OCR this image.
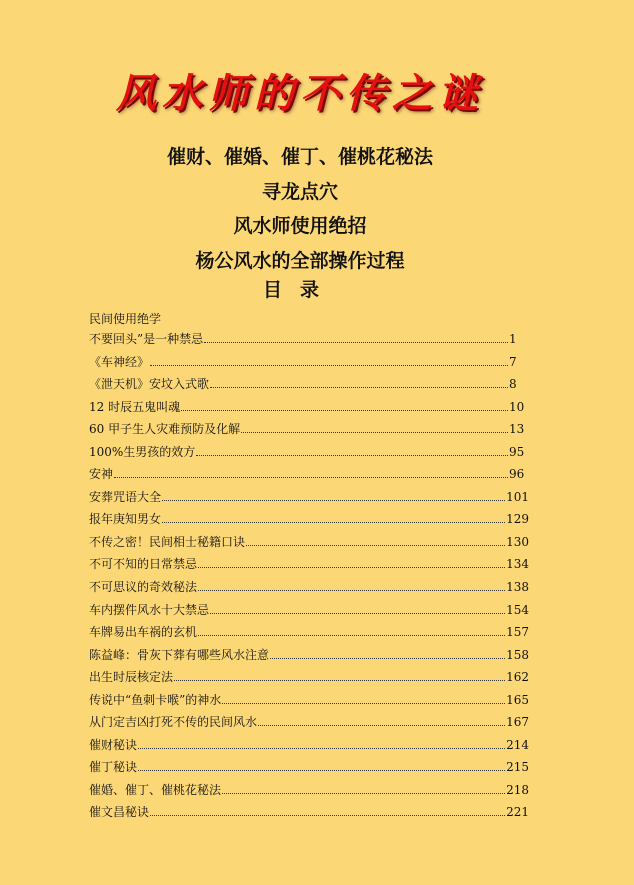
风水师的不传之谜
催财、催婚、催丁、催桃花秘法
寻龙点穴
风水师使用绝招
杨公风水的全部操作过程
目录
民间使用绝学
不要回头”是一种禁忌	1
《车神经》	7
《泄天机》安坟入式歌	8
12 时辰五鬼叫魂	10
60 甲子生人灾难预防及化解	13
100%生男孩的效方	95
安神	96
安葬咒语大全	101
报年庚知男女	129
不传之密！民间相士秘籍口诀	130
不可不知的日常禁忌	134
不可思议的奇效秘法	138
车内摆件风水十大禁忌	154
车牌易出车祸的玄机	157
陈益峰：骨灰下葬有哪些风水注意	158
出生时辰核定法	162
传说中“鱼刺卡喉”的神水	165
从门定吉凶打死不传的民间风水	167
催财秘诀	214
催丁秘诀	215
催婚、催丁、催桃花秘法	218
催文昌秘诀	221
